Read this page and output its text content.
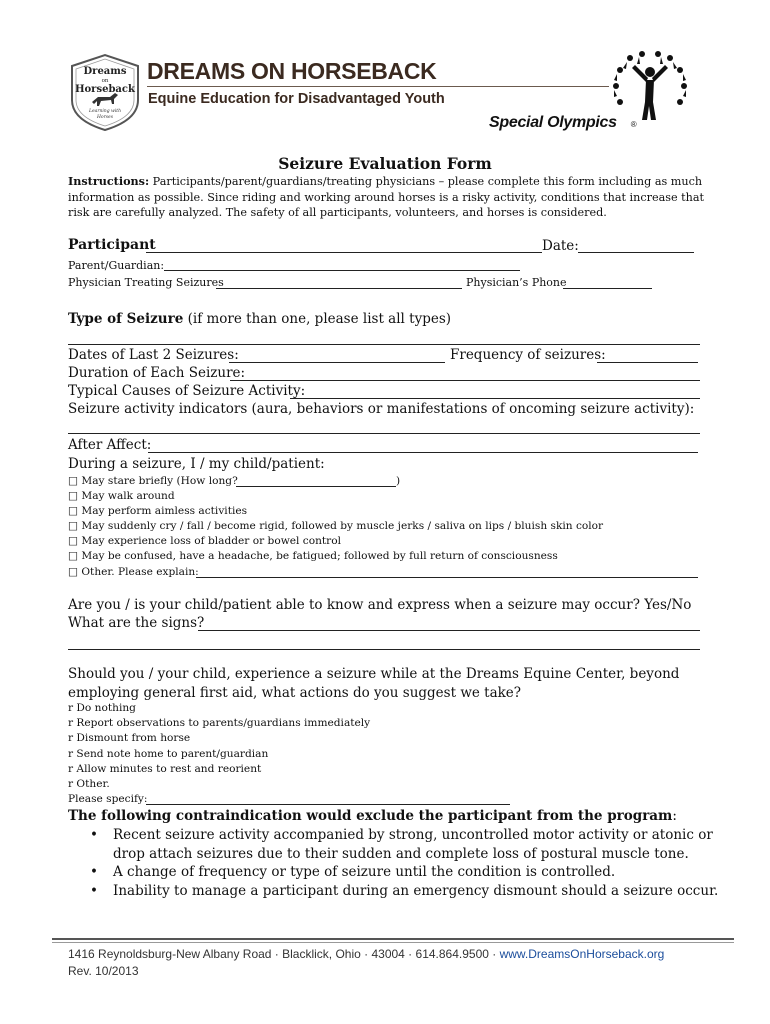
Dreams
on
Horseback
Learning with
Horses
DREAMS ON HORSEBACK
Equine Education for Disadvantaged Youth
Special Olympics ®
Seizure Evaluation Form
Instructions: Participants/parent/guardians/treating physicians – please complete this form including as much information as possible. Since riding and working around horses is a risky activity, conditions that increase that risk are carefully analyzed. The safety of all participants, volunteers, and horses is considered.
Participant	Date:
Parent/Guardian:
Physician Treating Seizures	Physician’s Phone
Type of Seizure (if more than one, please list all types)
Dates of Last 2 Seizures:	Frequency of seizures:
Duration of Each Seizure:
Typical Causes of Seizure Activity:
Seizure activity indicators (aura, behaviors or manifestations of oncoming seizure activity):
After Affect:
During a seizure, I / my child/patient:
□ May stare briefly (How long?	)
□ May walk around
□ May perform aimless activities
□ May suddenly cry / fall / become rigid, followed by muscle jerks / saliva on lips / bluish skin color
□ May experience loss of bladder or bowel control
□ May be confused, have a headache, be fatigued; followed by full return of consciousness
□ Other. Please explain:
Are you / is your child/patient able to know and express when a seizure may occur? Yes/No
What are the signs?
Should you / your child, experience a seizure while at the Dreams Equine Center, beyond
employing general first aid, what actions do you suggest we take?
r Do nothing
r Report observations to parents/guardians immediately
r Dismount from horse
r Send note home to parent/guardian
r Allow minutes to rest and reorient
r Other.
Please specify:
The following contraindication would exclude the participant from the program:
• Recent seizure activity accompanied by strong, uncontrolled motor activity or atonic or
drop attach seizures due to their sudden and complete loss of postural muscle tone.
• A change of frequency or type of seizure until the condition is controlled.
• Inability to manage a participant during an emergency dismount should a seizure occur.
1416 Reynoldsburg-New Albany Road · Blacklick, Ohio · 43004 · 614.864.9500 · www.DreamsOnHorseback.org
Rev. 10/2013
